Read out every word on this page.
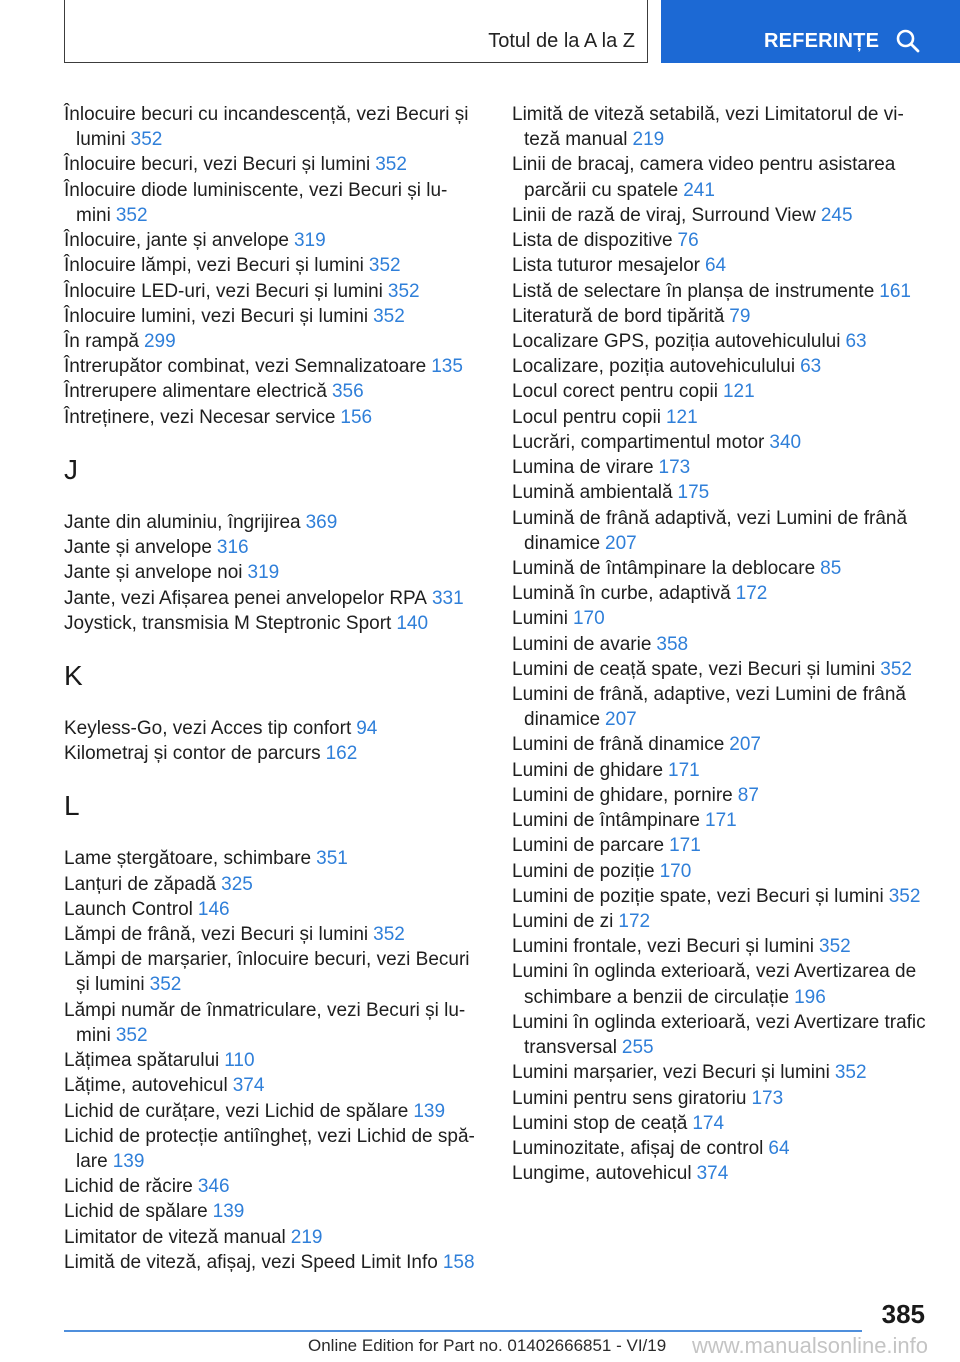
Totul de la A la Z	REFERINȚE
Înlocuire becuri cu incandescență, vezi Becuri și
lumini 352
Înlocuire becuri, vezi Becuri și lumini 352
Înlocuire diode luminiscente, vezi Becuri și lu-
mini 352
Înlocuire, jante și anvelope 319
Înlocuire lămpi, vezi Becuri și lumini 352
Înlocuire LED-uri, vezi Becuri și lumini 352
Înlocuire lumini, vezi Becuri și lumini 352
În rampă 299
Întrerupător combinat, vezi Semnalizatoare 135
Întrerupere alimentare electrică 356
Întreținere, vezi Necesar service 156
J
Jante din aluminiu, îngrijirea 369
Jante și anvelope 316
Jante și anvelope noi 319
Jante, vezi Afișarea penei anvelopelor RPA 331
Joystick, transmisia M Steptronic Sport 140
K
Keyless-Go, vezi Acces tip confort 94
Kilometraj și contor de parcurs 162
L
Lame ștergătoare, schimbare 351
Lanțuri de zăpadă 325
Launch Control 146
Lămpi de frână, vezi Becuri și lumini 352
Lămpi de marșarier, înlocuire becuri, vezi Becuri
și lumini 352
Lămpi număr de înmatriculare, vezi Becuri și lu-
mini 352
Lățimea spătarului 110
Lățime, autovehicul 374
Lichid de curățare, vezi Lichid de spălare 139
Lichid de protecție antiîngheț, vezi Lichid de spă-
lare 139
Lichid de răcire 346
Lichid de spălare 139
Limitator de viteză manual 219
Limită de viteză, afișaj, vezi Speed Limit Info 158
Limită de viteză setabilă, vezi Limitatorul de vi-
teză manual 219
Linii de bracaj, camera video pentru asistarea
parcării cu spatele 241
Linii de rază de viraj, Surround View 245
Lista de dispozitive 76
Lista tuturor mesajelor 64
Listă de selectare în planșa de instrumente 161
Literatură de bord tipărită 79
Localizare GPS, poziția autovehiculului 63
Localizare, poziția autovehiculului 63
Locul corect pentru copii 121
Locul pentru copii 121
Lucrări, compartimentul motor 340
Lumina de virare 173
Lumină ambientală 175
Lumină de frână adaptivă, vezi Lumini de frână
dinamice 207
Lumină de întâmpinare la deblocare 85
Lumină în curbe, adaptivă 172
Lumini 170
Lumini de avarie 358
Lumini de ceață spate, vezi Becuri și lumini 352
Lumini de frână, adaptive, vezi Lumini de frână
dinamice 207
Lumini de frână dinamice 207
Lumini de ghidare 171
Lumini de ghidare, pornire 87
Lumini de întâmpinare 171
Lumini de parcare 171
Lumini de poziție 170
Lumini de poziție spate, vezi Becuri și lumini 352
Lumini de zi 172
Lumini frontale, vezi Becuri și lumini 352
Lumini în oglinda exterioară, vezi Avertizarea de
schimbare a benzii de circulație 196
Lumini în oglinda exterioară, vezi Avertizare trafic
transversal 255
Lumini marșarier, vezi Becuri și lumini 352
Lumini pentru sens giratoriu 173
Lumini stop de ceață 174
Luminozitate, afișaj de control 64
Lungime, autovehicul 374
385
Online Edition for Part no. 01402666851 - VI/19 www.manualsonline.info
